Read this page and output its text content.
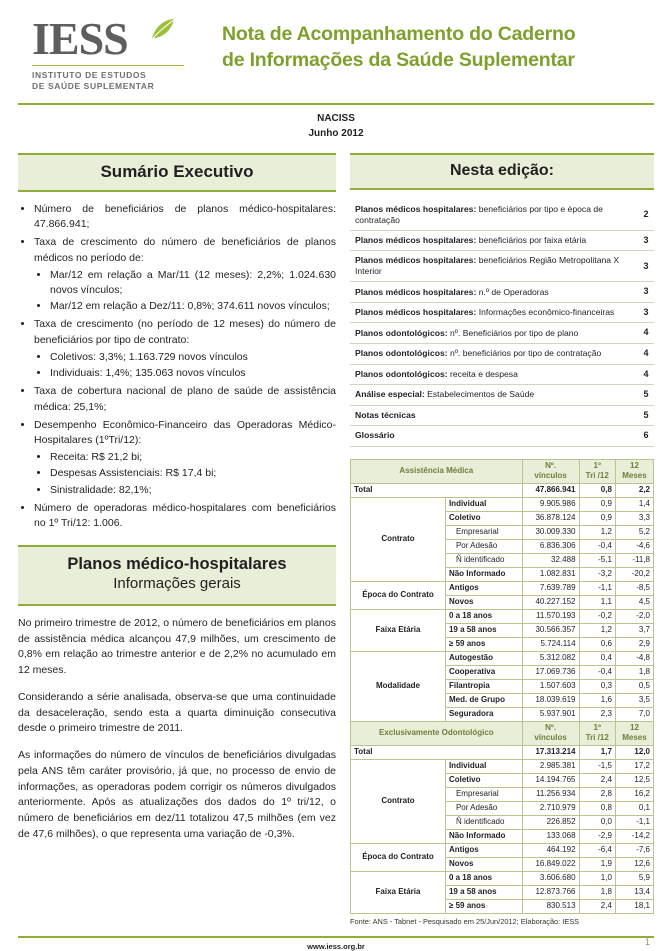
IESS
INSTITUTO DE ESTUDOS
DE SAÚDE SUPLEMENTAR
Nota de Acompanhamento do Caderno
de Informações da Saúde Suplementar
NACISS
Junho 2012
Sumário Executivo
• Número de beneficiários de planos médico-hospitalares: 47.866.941;
• Taxa de crescimento do número de beneficiários de planos médicos no período de:
• Mar/12 em relação a Mar/11 (12 meses): 2,2%; 1.024.630 novos vínculos;
• Mar/12 em relação a Dez/11: 0,8%; 374.611 novos vínculos;
• Taxa de crescimento (no período de 12 meses) do número de beneficiários por tipo de contrato:
• Coletivos: 3,3%; 1.163.729 novos vínculos
• Individuais: 1,4%; 135.063 novos vínculos
• Taxa de cobertura nacional de plano de saúde de assistência médica: 25,1%;
• Desempenho Econômico-Financeiro das Operadoras Médico-Hospitalares (1ºTri/12):
• Receita: R$ 21,2 bi;
• Despesas Assistenciais: R$ 17,4 bi;
• Sinistralidade: 82,1%;
• Número de operadoras médico-hospitalares com beneficiários no 1º Tri/12: 1.006.
Planos médico-hospitalares
Informações gerais

No primeiro trimestre de 2012, o número de beneficiários em planos de assistência médica alcançou 47,9 milhões, um crescimento de 0,8% em relação ao trimestre anterior e de 2,2% no acumulado em 12 meses.

Considerando a série analisada, observa-se que uma continuidade da desaceleração, sendo esta a quarta diminuição consecutiva desde o primeiro trimestre de 2011.

As informações do número de vínculos de beneficiários divulgadas pela ANS têm caráter provisório, já que, no processo de envio de informações, as operadoras podem corrigir os números divulgados anteriormente. Após as atualizações dos dados do 1º tri/12, o número de beneficiários em dez/11 totalizou 47,5 milhões (em vez de 47,6 milhões), o que representa uma variação de -0,3%.

Nesta edição:
Planos médicos hospitalares: beneficiários por tipo e época de contratação	2
Planos médicos hospitalares: beneficiários por faixa etária	3
Planos médicos hospitalares: beneficiários Região Metropolitana X Interior	3
Planos médicos hospitalares: n.º de Operadoras	3
Planos médicos hospitalares: Informações econômico-financeiras	3
Planos odontológicos: nº. Beneficiários por tipo de plano	4
Planos odontológicos: nº. beneficiários por tipo de contratação	4
Planos odontológicos: receita e despesa	4
Análise especial: Estabelecimentos de Saúde	5
Notas técnicas	5
Glossário	6
Assistência Médica	
Nº.
vínculos

1º
Tri /12

12
Meses

Total		47.866.941	0,8	2,2
Contrato	Individual	9.905.986	0,9	1,4
	Coletivo	36.878.124	0,9	3,3
	Empresarial	30.009.330	1,2	5,2
	Por Adesão	6.836.306	-0,4	-4,6
	Ñ identificado	32.488	-5,1	-11,8
	Não Informado	1.082.831	-3,2	-20,2
Época do Contrato	Antigos	7.639.789	-1,1	-8,5
	Novos	40.227.152	1,1	4,5
Faixa Etária	0 a 18 anos	11.570.193	-0,2	-2,0
	19 a 58 anos	30.566.357	1,2	3,7
	≥ 59 anos	5.724.114	0,6	2,9
Modalidade	Autogestão	5.312.082	0,4	-4,8
	Cooperativa	17.069.736	-0,4	1,8
	Filantropia	1.507.603	0,3	0,5
	Med. de Grupo	18.039.619	1,6	3,5
	Seguradora	5.937.901	2,3	7,0
Exclusivamente Odontológico	
Nº.
vínculos

1º
Tri /12

12
Meses

Total		17.313.214	1,7	12,0
Contrato	Individual	2.985.381	-1,5	17,2
	Coletivo	14.194.765	2,4	12,5
	Empresarial	11.256.934	2,8	16,2
	Por Adesão	2.710.979	0,8	0,1
	Ñ identificado	226.852	0,0	-1,1
	Não Informado	133.068	-2,9	-14,2
Época do Contrato	Antigos	464.192	-6,4	-7,6
	Novos	16.849.022	1,9	12,6
Faixa Etária	0 a 18 anos	3.606.680	1,0	5,9
	19 a 58 anos	12.873.766	1,8	13,4
	≥ 59 anos	830.513	2,4	18,1
Fonte: ANS - Tabnet - Pesquisado em 25/Jun/2012; Elaboração: IESS
www.iess.org.br	1
